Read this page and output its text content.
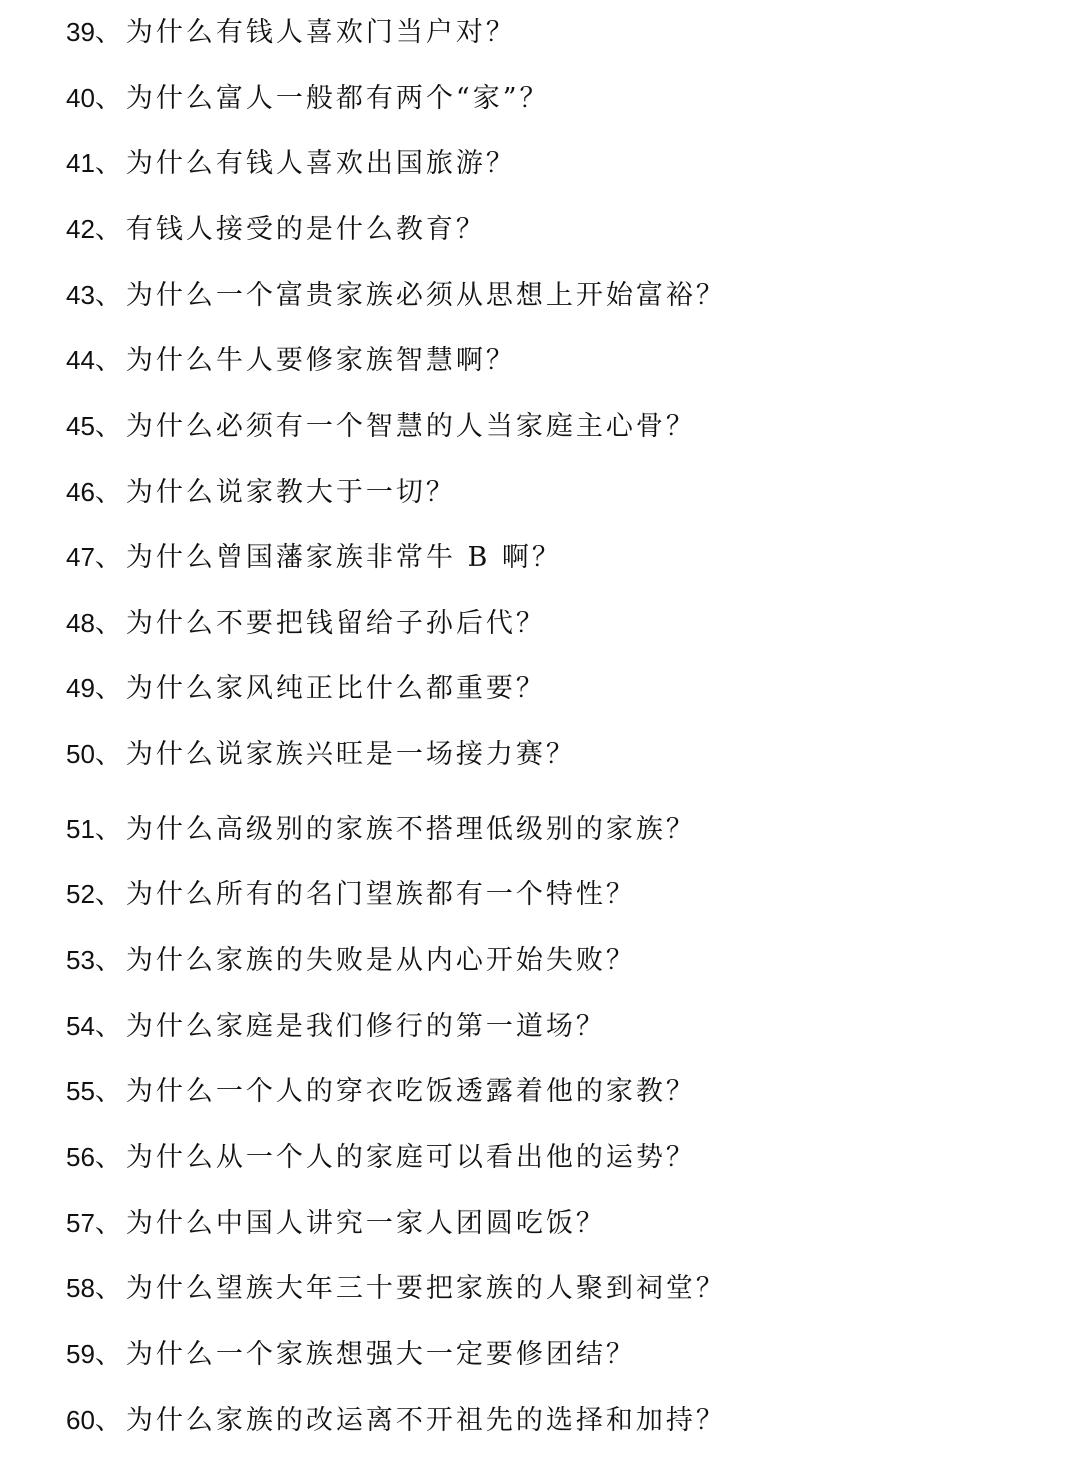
39、 为什么有钱人喜欢门当户对？
40、 为什么富人一般都有两个“家”？
41、 为什么有钱人喜欢出国旅游？
42、 有钱人接受的是什么教育？
43、 为什么一个富贵家族必须从思想上开始富裕？
44、 为什么牛人要修家族智慧啊？
45、 为什么必须有一个智慧的人当家庭主心骨？
46、 为什么说家教大于一切？
47、 为什么曾国藩家族非常牛 B 啊？
48、 为什么不要把钱留给子孙后代？
49、 为什么家风纯正比什么都重要？
50、 为什么说家族兴旺是一场接力赛？
51、 为什么高级别的家族不搭理低级别的家族？
52、 为什么所有的名门望族都有一个特性？
53、 为什么家族的失败是从内心开始失败？
54、 为什么家庭是我们修行的第一道场？
55、 为什么一个人的穿衣吃饭透露着他的家教？
56、 为什么从一个人的家庭可以看出他的运势？
57、 为什么中国人讲究一家人团圆吃饭？
58、 为什么望族大年三十要把家族的人聚到祠堂？
59、 为什么一个家族想强大一定要修团结？
60、 为什么家族的改运离不开祖先的选择和加持？
